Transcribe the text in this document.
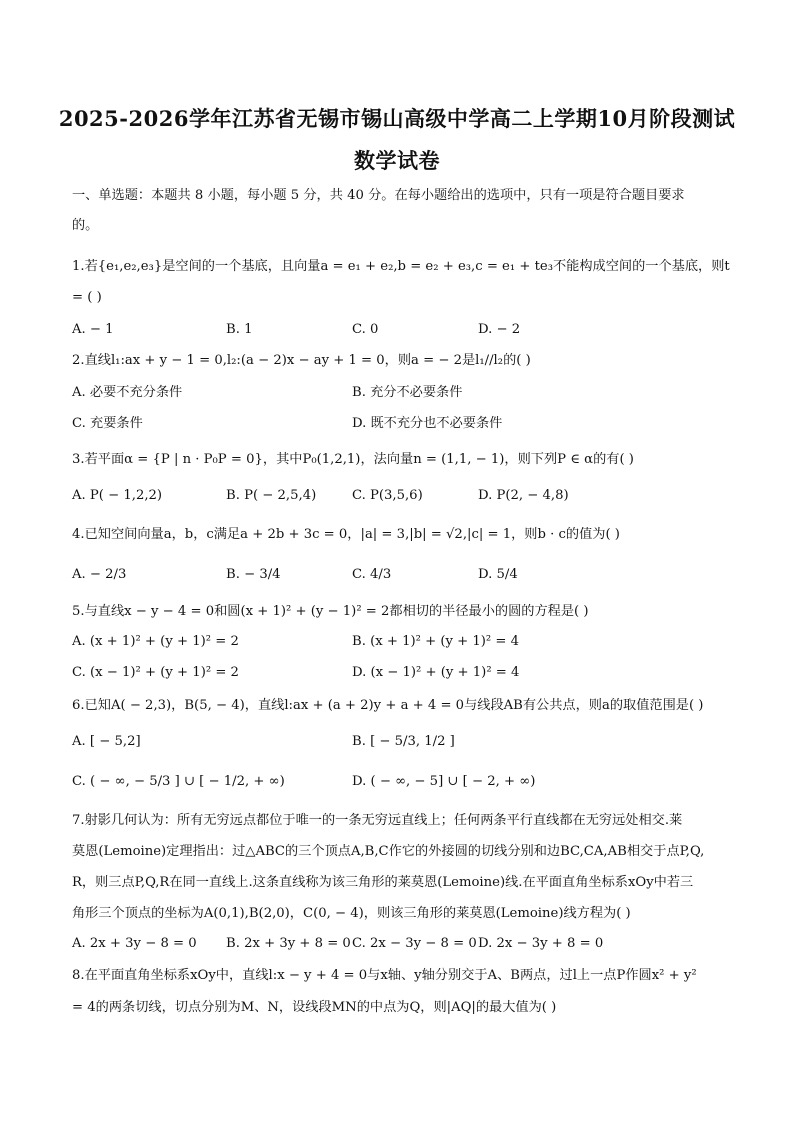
2025-2026学年江苏省无锡市锡山高级中学高二上学期10月阶段测试
数学试卷
一、单选题：本题共 8 小题，每小题 5 分，共 40 分。在每小题给出的选项中，只有一项是符合题目要求
的。
1.若{e₁,e₂,e₃}是空间的一个基底，且向量a = e₁ + e₂,b = e₂ + e₃,c = e₁ + te₃不能构成空间的一个基底，则t
= ( )
A. − 1	B. 1	C. 0	D. − 2
2.直线l₁:ax + y − 1 = 0,l₂:(a − 2)x − ay + 1 = 0，则a = − 2是l₁//l₂的( )
A. 必要不充分条件	B. 充分不必要条件
C. 充要条件	D. 既不充分也不必要条件
3.若平面α = {P | n · P₀P = 0}，其中P₀(1,2,1)，法向量n = (1,1, − 1)，则下列P ∈ α的有( )
A. P( − 1,2,2)	B. P( − 2,5,4)	C. P(3,5,6)	D. P(2, − 4,8)
4.已知空间向量a，b，c满足a + 2b + 3c = 0，|a| = 3,|b| = √2,|c| = 1，则b · c的值为( )
A. − 2/3	B. − 3/4	C. 4/3	D. 5/4
5.与直线x − y − 4 = 0和圆(x + 1)² + (y − 1)² = 2都相切的半径最小的圆的方程是( )
A. (x + 1)² + (y + 1)² = 2	B. (x + 1)² + (y + 1)² = 4
C. (x − 1)² + (y + 1)² = 2	D. (x − 1)² + (y + 1)² = 4
6.已知A( − 2,3)，B(5, − 4)，直线l:ax + (a + 2)y + a + 4 = 0与线段AB有公共点，则a的取值范围是( )
A. [ − 5,2]	B. [ − 5/3, 1/2 ]
C. ( − ∞, − 5/3 ] ∪ [ − 1/2, + ∞)	D. ( − ∞, − 5] ∪ [ − 2, + ∞)
7.射影几何认为：所有无穷远点都位于唯一的一条无穷远直线上；任何两条平行直线都在无穷远处相交.莱
莫恩(Lemoine)定理指出：过△ABC的三个顶点A,B,C作它的外接圆的切线分别和边BC,CA,AB相交于点P,Q,
R，则三点P,Q,R在同一直线上.这条直线称为该三角形的莱莫恩(Lemoine)线.在平面直角坐标系xOy中若三
角形三个顶点的坐标为A(0,1),B(2,0)，C(0, − 4)，则该三角形的莱莫恩(Lemoine)线方程为( )
A. 2x + 3y − 8 = 0 B. 2x + 3y + 8 = 0 C. 2x − 3y − 8 = 0 D. 2x − 3y + 8 = 0
8.在平面直角坐标系xOy中，直线l:x − y + 4 = 0与x轴、y轴分别交于A、B两点，过l上一点P作圆x² + y²
= 4的两条切线，切点分别为M、N，设线段MN的中点为Q，则|AQ|的最大值为( )
